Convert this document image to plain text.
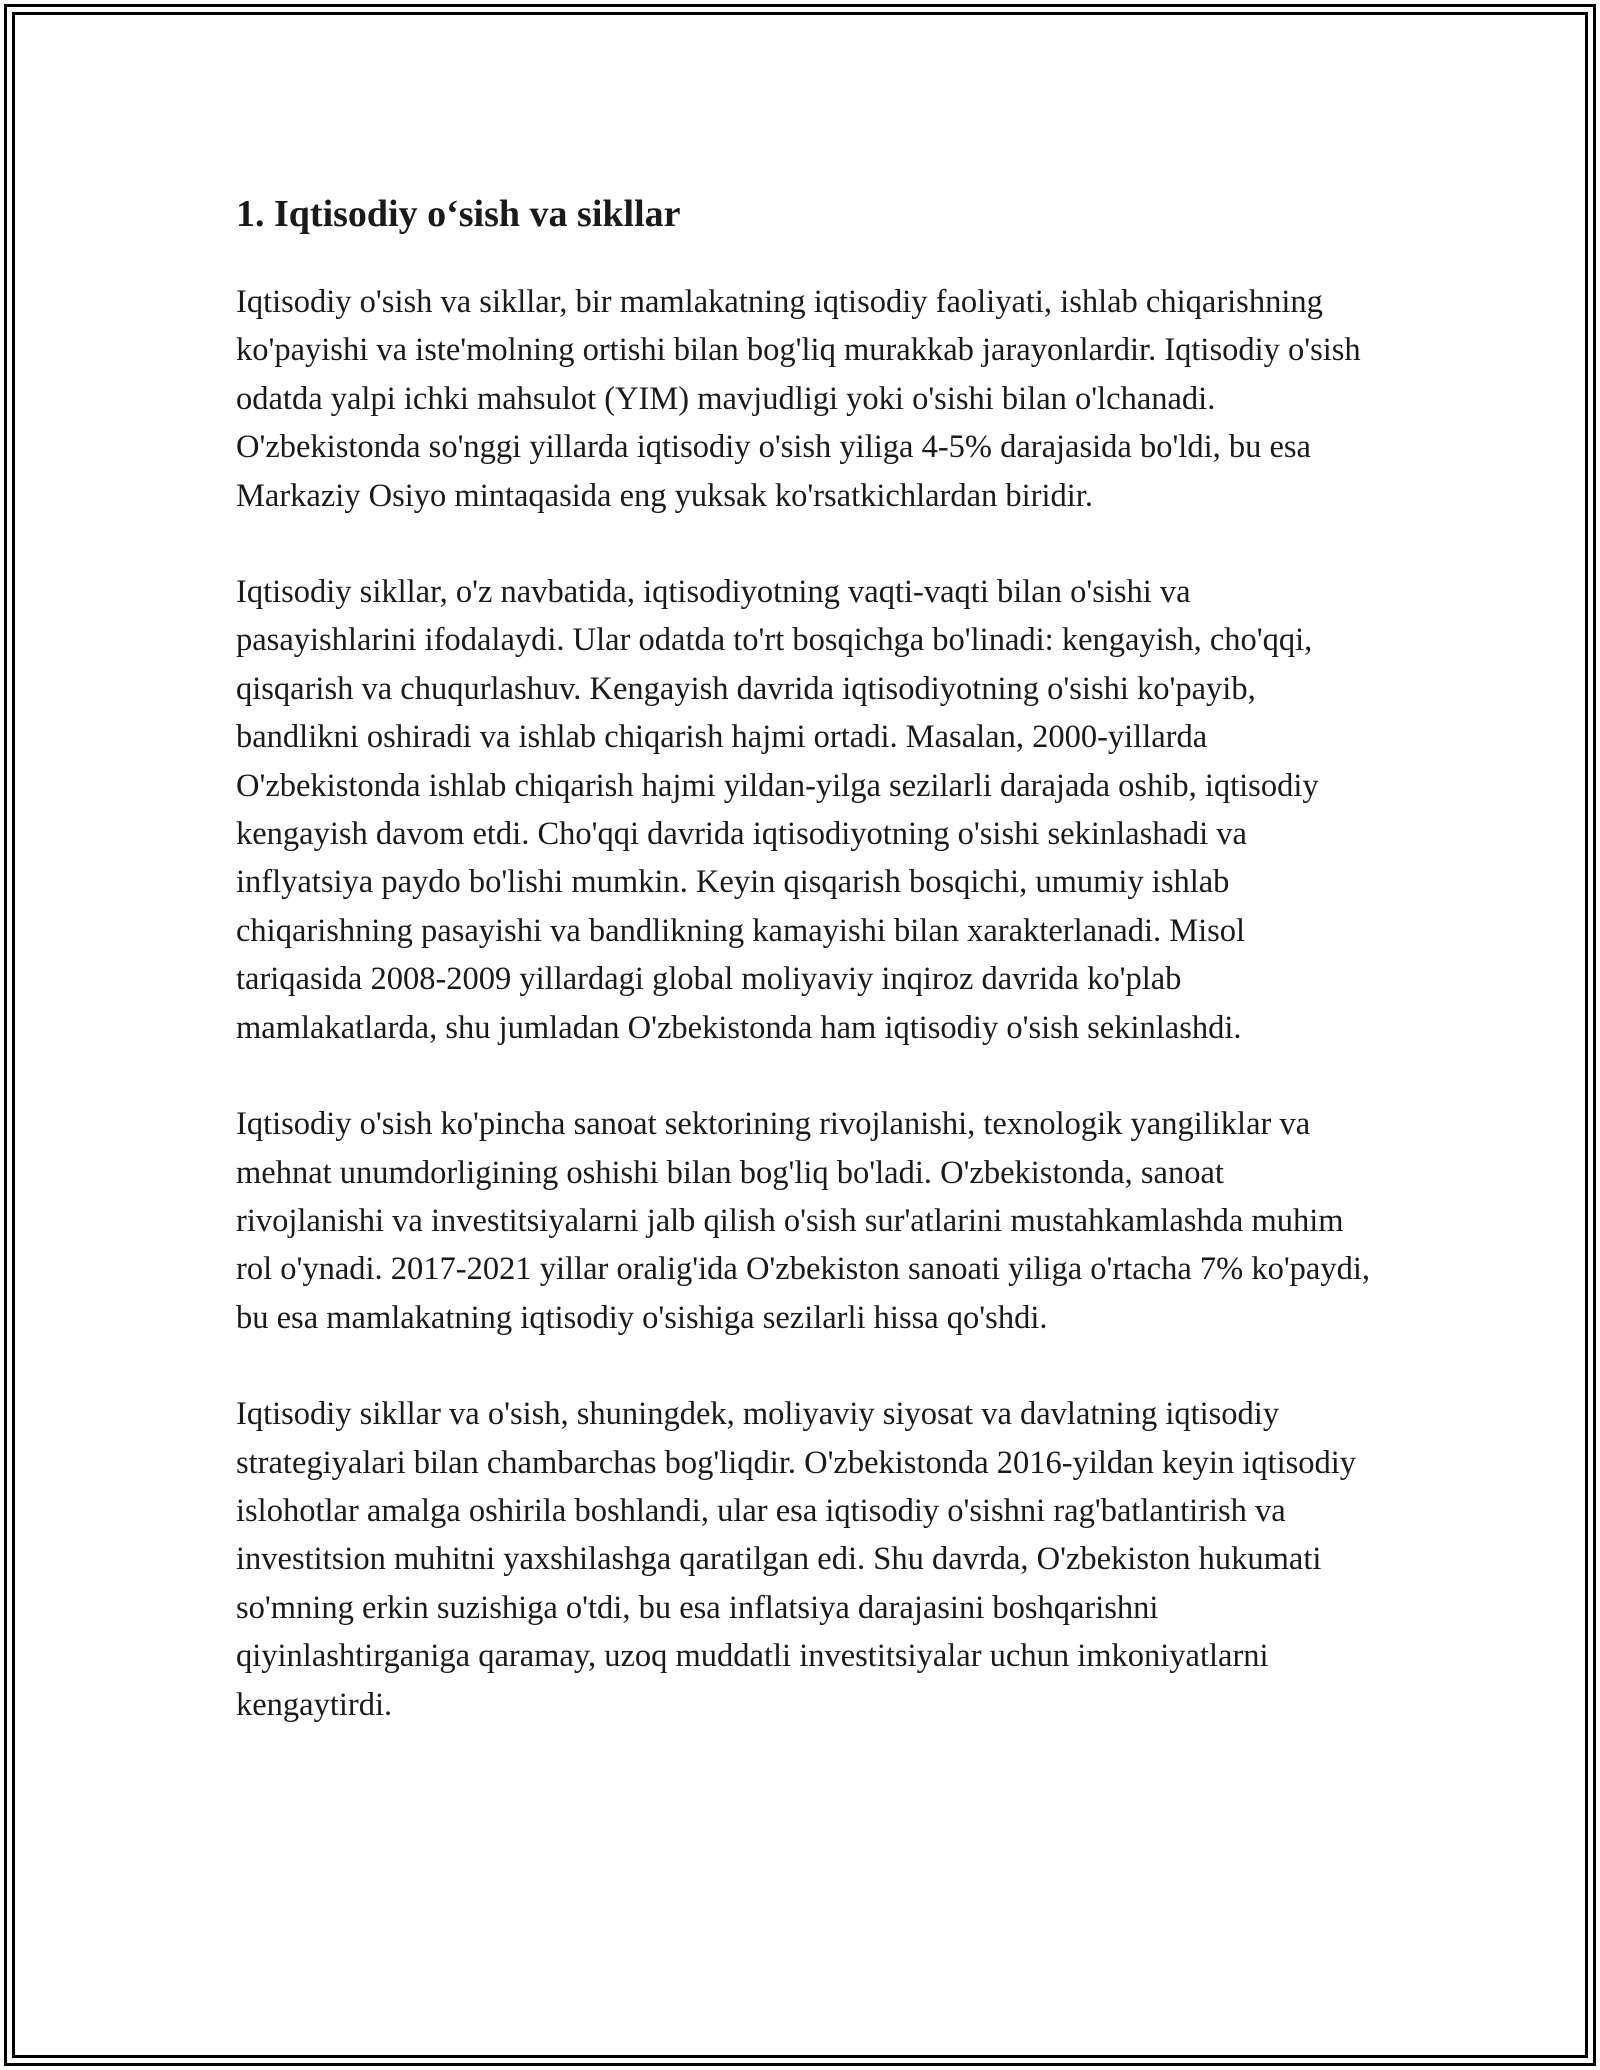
1. Iqtisodiy o‘sish va sikllar

Iqtisodiy o'sish va sikllar, bir mamlakatning iqtisodiy faoliyati, ishlab chiqarishning ko'payishi va iste'molning ortishi bilan bog'liq murakkab jarayonlardir. Iqtisodiy o'sish odatda yalpi ichki mahsulot (YIM) mavjudligi yoki o'sishi bilan o'lchanadi. O'zbekistonda so'nggi yillarda iqtisodiy o'sish yiliga 4-5% darajasida bo'ldi, bu esa Markaziy Osiyo mintaqasida eng yuksak ko'rsatkichlardan biridir.

Iqtisodiy sikllar, o'z navbatida, iqtisodiyotning vaqti-vaqti bilan o'sishi va pasayishlarini ifodalaydi. Ular odatda to'rt bosqichga bo'linadi: kengayish, cho'qqi, qisqarish va chuqurlashuv. Kengayish davrida iqtisodiyotning o'sishi ko'payib, bandlikni oshiradi va ishlab chiqarish hajmi ortadi. Masalan, 2000-yillarda O'zbekistonda ishlab chiqarish hajmi yildan-yilga sezilarli darajada oshib, iqtisodiy kengayish davom etdi. Cho'qqi davrida iqtisodiyotning o'sishi sekinlashadi va inflyatsiya paydo bo'lishi mumkin. Keyin qisqarish bosqichi, umumiy ishlab chiqarishning pasayishi va bandlikning kamayishi bilan xarakterlanadi. Misol tariqasida 2008-2009 yillardagi global moliyaviy inqiroz davrida ko'plab mamlakatlarda, shu jumladan O'zbekistonda ham iqtisodiy o'sish sekinlashdi.

Iqtisodiy o'sish ko'pincha sanoat sektorining rivojlanishi, texnologik yangiliklar va mehnat unumdorligining oshishi bilan bog'liq bo'ladi. O'zbekistonda, sanoat rivojlanishi va investitsiyalarni jalb qilish o'sish sur'atlarini mustahkamlashda muhim rol o'ynadi. 2017-2021 yillar oralig'ida O'zbekiston sanoati yiliga o'rtacha 7% ko'paydi, bu esa mamlakatning iqtisodiy o'sishiga sezilarli hissa qo'shdi.

Iqtisodiy sikllar va o'sish, shuningdek, moliyaviy siyosat va davlatning iqtisodiy strategiyalari bilan chambarchas bog'liqdir. O'zbekistonda 2016-yildan keyin iqtisodiy islohotlar amalga oshirila boshlandi, ular esa iqtisodiy o'sishni rag'batlantirish va investitsion muhitni yaxshilashga qaratilgan edi. Shu davrda, O'zbekiston hukumati so'mning erkin suzishiga o'tdi, bu esa inflatsiya darajasini boshqarishni qiyinlashtirganiga qaramay, uzoq muddatli investitsiyalar uchun imkoniyatlarni kengaytirdi.
